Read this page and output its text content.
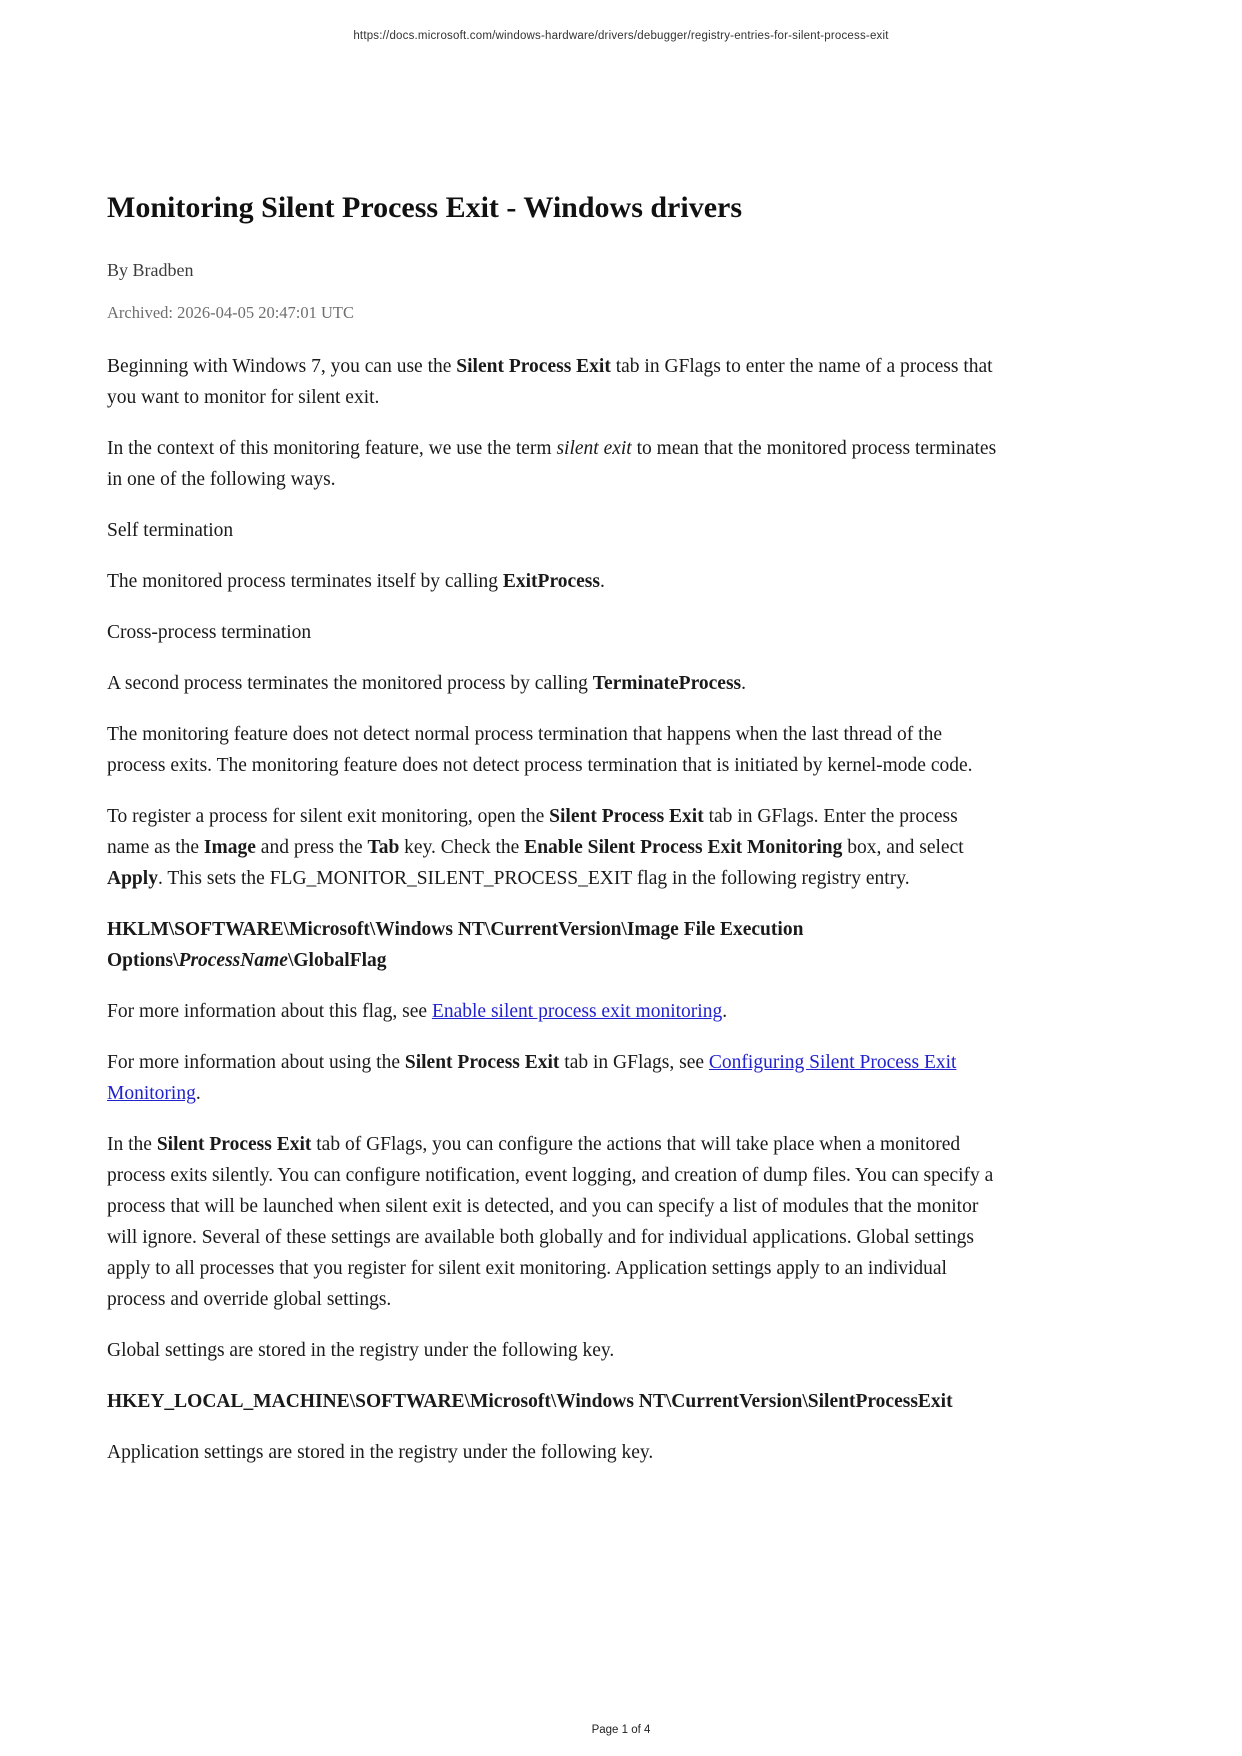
https://docs.microsoft.com/windows-hardware/drivers/debugger/registry-entries-for-silent-process-exit
Monitoring Silent Process Exit - Windows drivers

By Bradben

Archived: 2026-04-05 20:47:01 UTC

Beginning with Windows 7, you can use the Silent Process Exit tab in GFlags to enter the name of a process that you want to monitor for silent exit.

In the context of this monitoring feature, we use the term silent exit to mean that the monitored process terminates in one of the following ways.

Self termination

The monitored process terminates itself by calling ExitProcess.

Cross-process termination

A second process terminates the monitored process by calling TerminateProcess.

The monitoring feature does not detect normal process termination that happens when the last thread of the process exits. The monitoring feature does not detect process termination that is initiated by kernel-mode code.

To register a process for silent exit monitoring, open the Silent Process Exit tab in GFlags. Enter the process name as the Image and press the Tab key. Check the Enable Silent Process Exit Monitoring box, and select Apply. This sets the FLG_MONITOR_SILENT_PROCESS_EXIT flag in the following registry entry.

HKLM\SOFTWARE\Microsoft\Windows NT\CurrentVersion\Image File Execution Options\ProcessName\GlobalFlag

For more information about this flag, see Enable silent process exit monitoring.

For more information about using the Silent Process Exit tab in GFlags, see Configuring Silent Process Exit Monitoring.

In the Silent Process Exit tab of GFlags, you can configure the actions that will take place when a monitored process exits silently. You can configure notification, event logging, and creation of dump files. You can specify a process that will be launched when silent exit is detected, and you can specify a list of modules that the monitor will ignore. Several of these settings are available both globally and for individual applications. Global settings apply to all processes that you register for silent exit monitoring. Application settings apply to an individual process and override global settings.

Global settings are stored in the registry under the following key.

HKEY_LOCAL_MACHINE\SOFTWARE\Microsoft\Windows NT\CurrentVersion\SilentProcessExit

Application settings are stored in the registry under the following key.

Page 1 of 4
